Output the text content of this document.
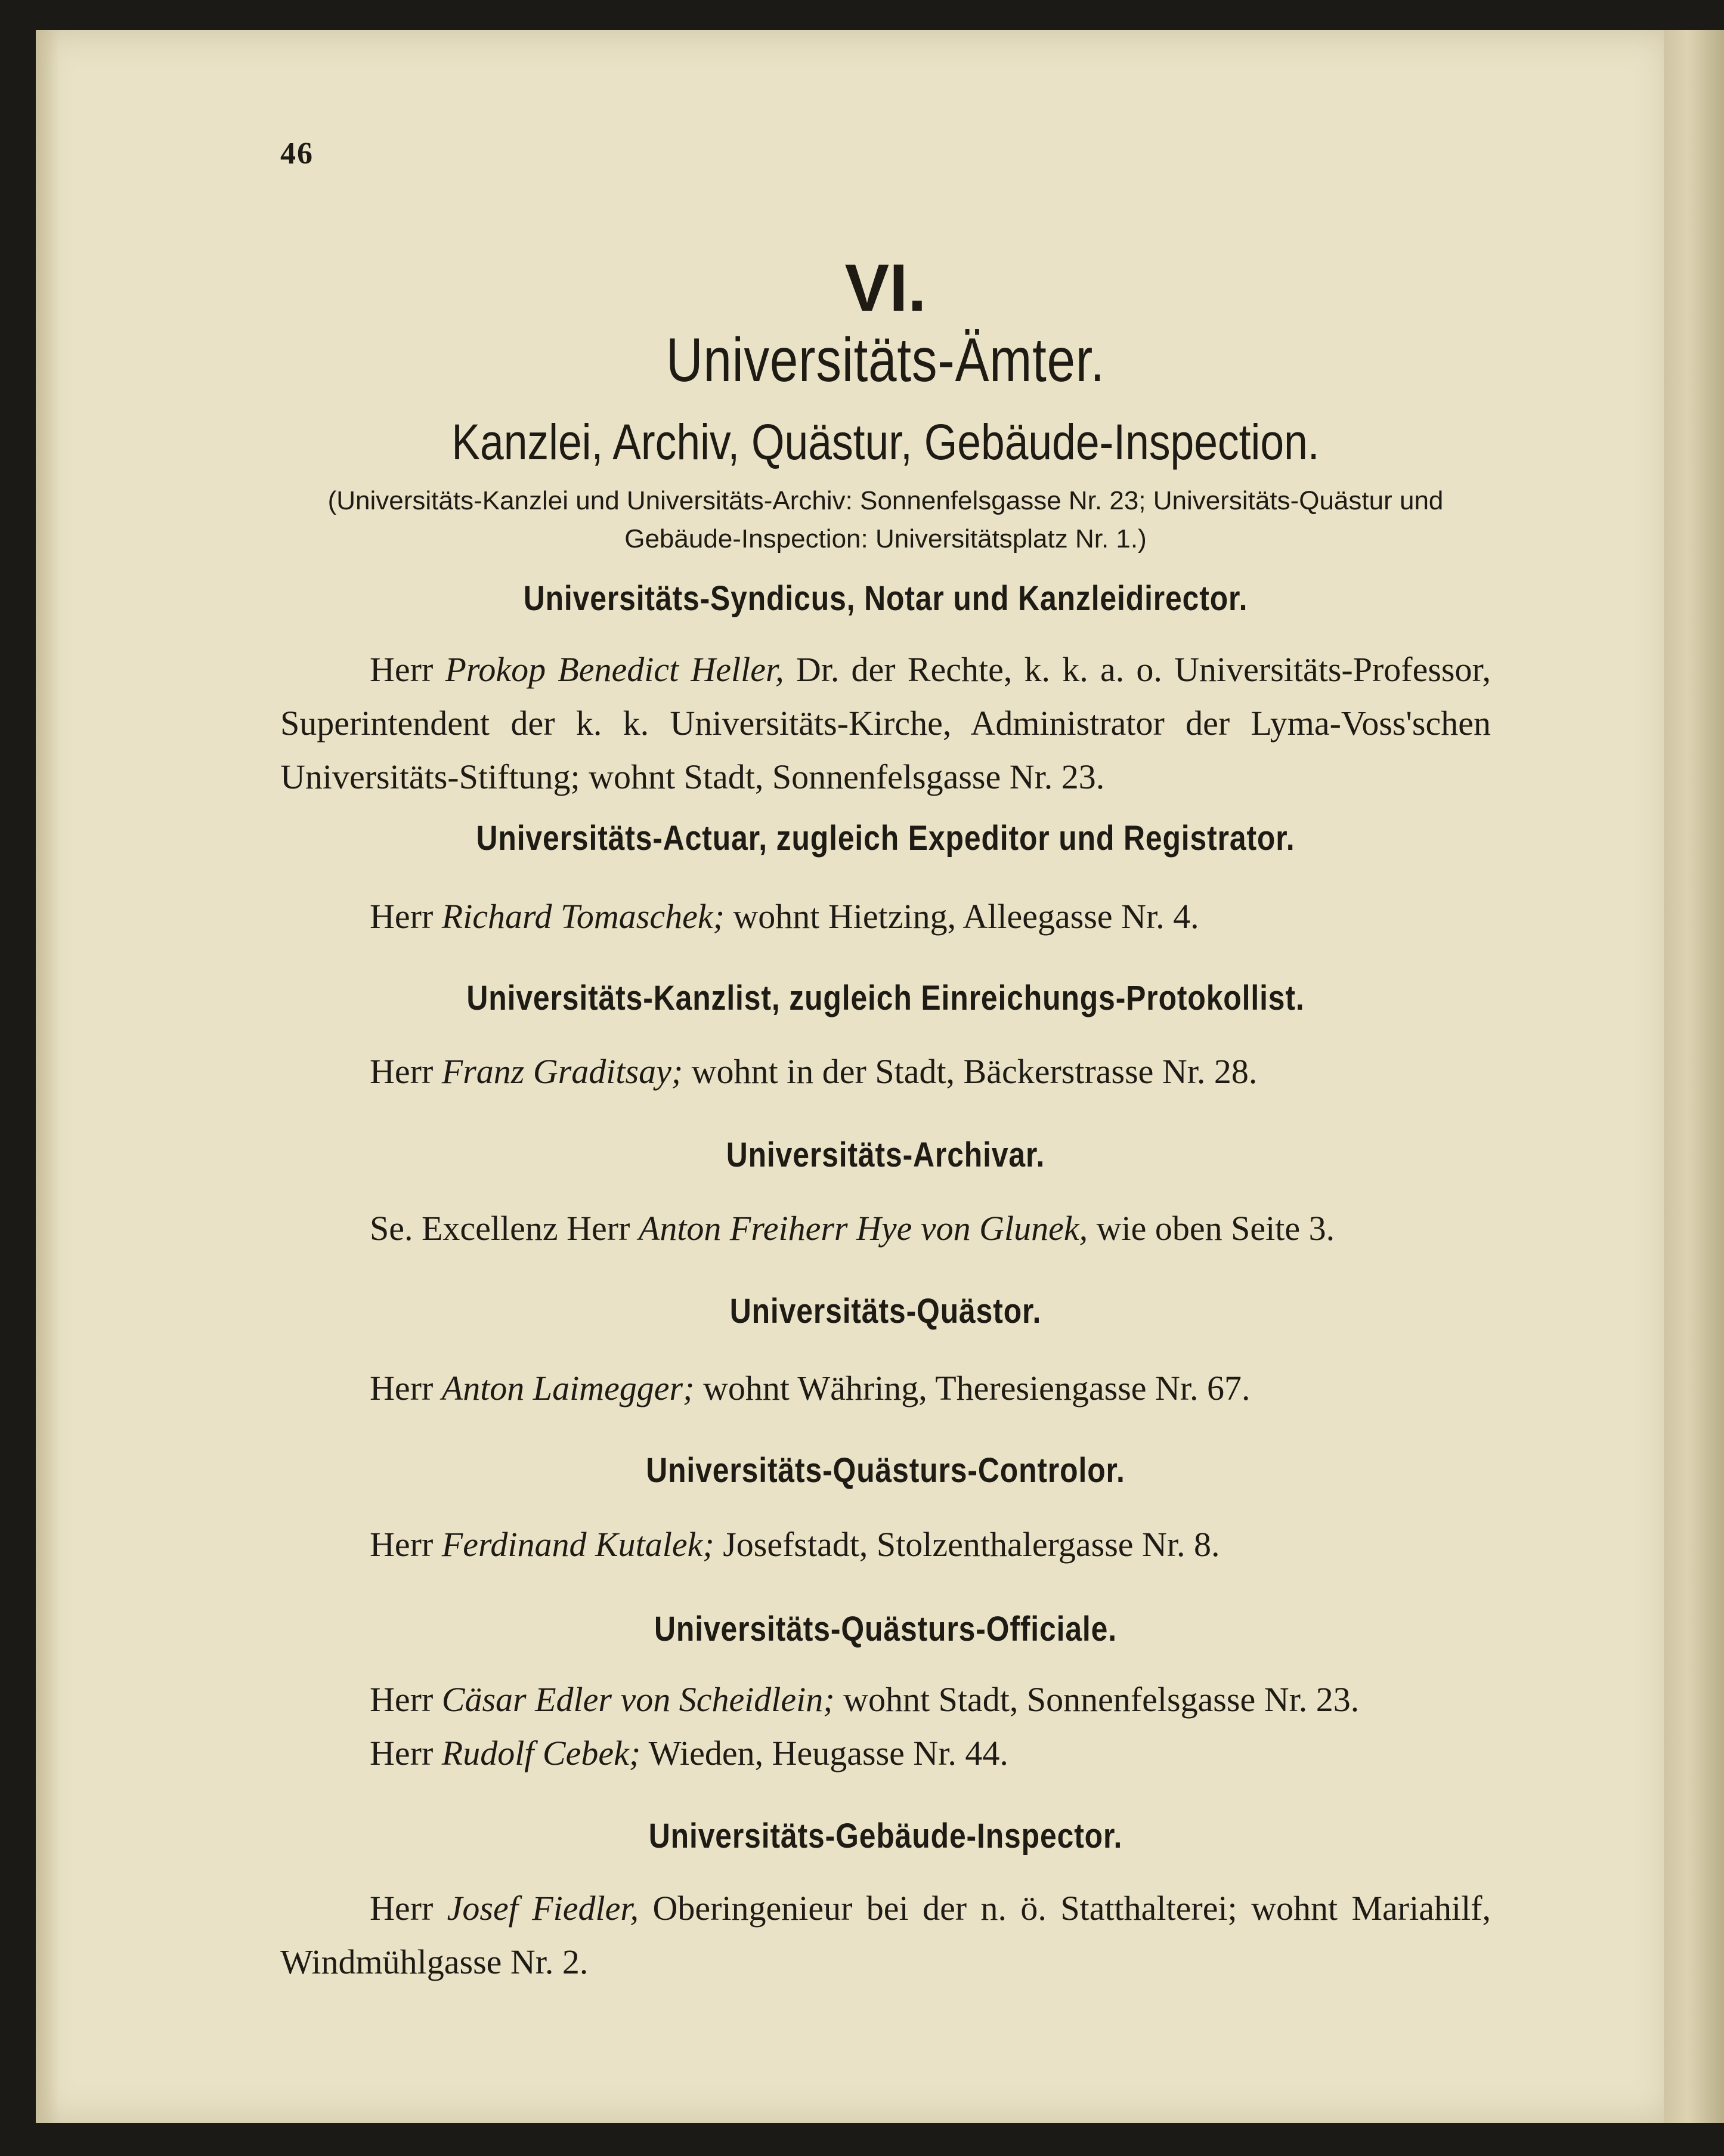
46
VI.
Universitäts-Ämter.
Kanzlei, Archiv, Quästur, Gebäude-Inspection.
(Universitäts-Kanzlei und Universitäts-Archiv: Sonnenfelsgasse Nr. 23; Universitäts-Quästur und
Gebäude-Inspection: Universitätsplatz Nr. 1.)
Universitäts-Syndicus, Notar und Kanzleidirector.
Herr Prokop Benedict Heller, Dr. der Rechte, k. k. a. o. Universitäts-Professor, Superintendent der k. k. Universitäts-Kirche, Administrator der Lyma-Voss'schen Universitäts-Stiftung; wohnt Stadt, Sonnenfelsgasse Nr. 23.
Universitäts-Actuar, zugleich Expeditor und Registrator.
Herr Richard Tomaschek; wohnt Hietzing, Alleegasse Nr. 4.
Universitäts-Kanzlist, zugleich Einreichungs-Protokollist.
Herr Franz Graditsay; wohnt in der Stadt, Bäckerstrasse Nr. 28.
Universitäts-Archivar.
Se. Excellenz Herr Anton Freiherr Hye von Glunek, wie oben Seite 3.
Universitäts-Quästor.
Herr Anton Laimegger; wohnt Währing, Theresiengasse Nr. 67.
Universitäts-Quästurs-Controlor.
Herr Ferdinand Kutalek; Josefstadt, Stolzenthalergasse Nr. 8.
Universitäts-Quästurs-Officiale.
Herr Cäsar Edler von Scheidlein; wohnt Stadt, Sonnenfelsgasse Nr. 23.
Herr Rudolf Cebek; Wieden, Heugasse Nr. 44.
Universitäts-Gebäude-Inspector.
Herr Josef Fiedler, Oberingenieur bei der n. ö. Statthalterei; wohnt Mariahilf, Windmühlgasse Nr. 2.
